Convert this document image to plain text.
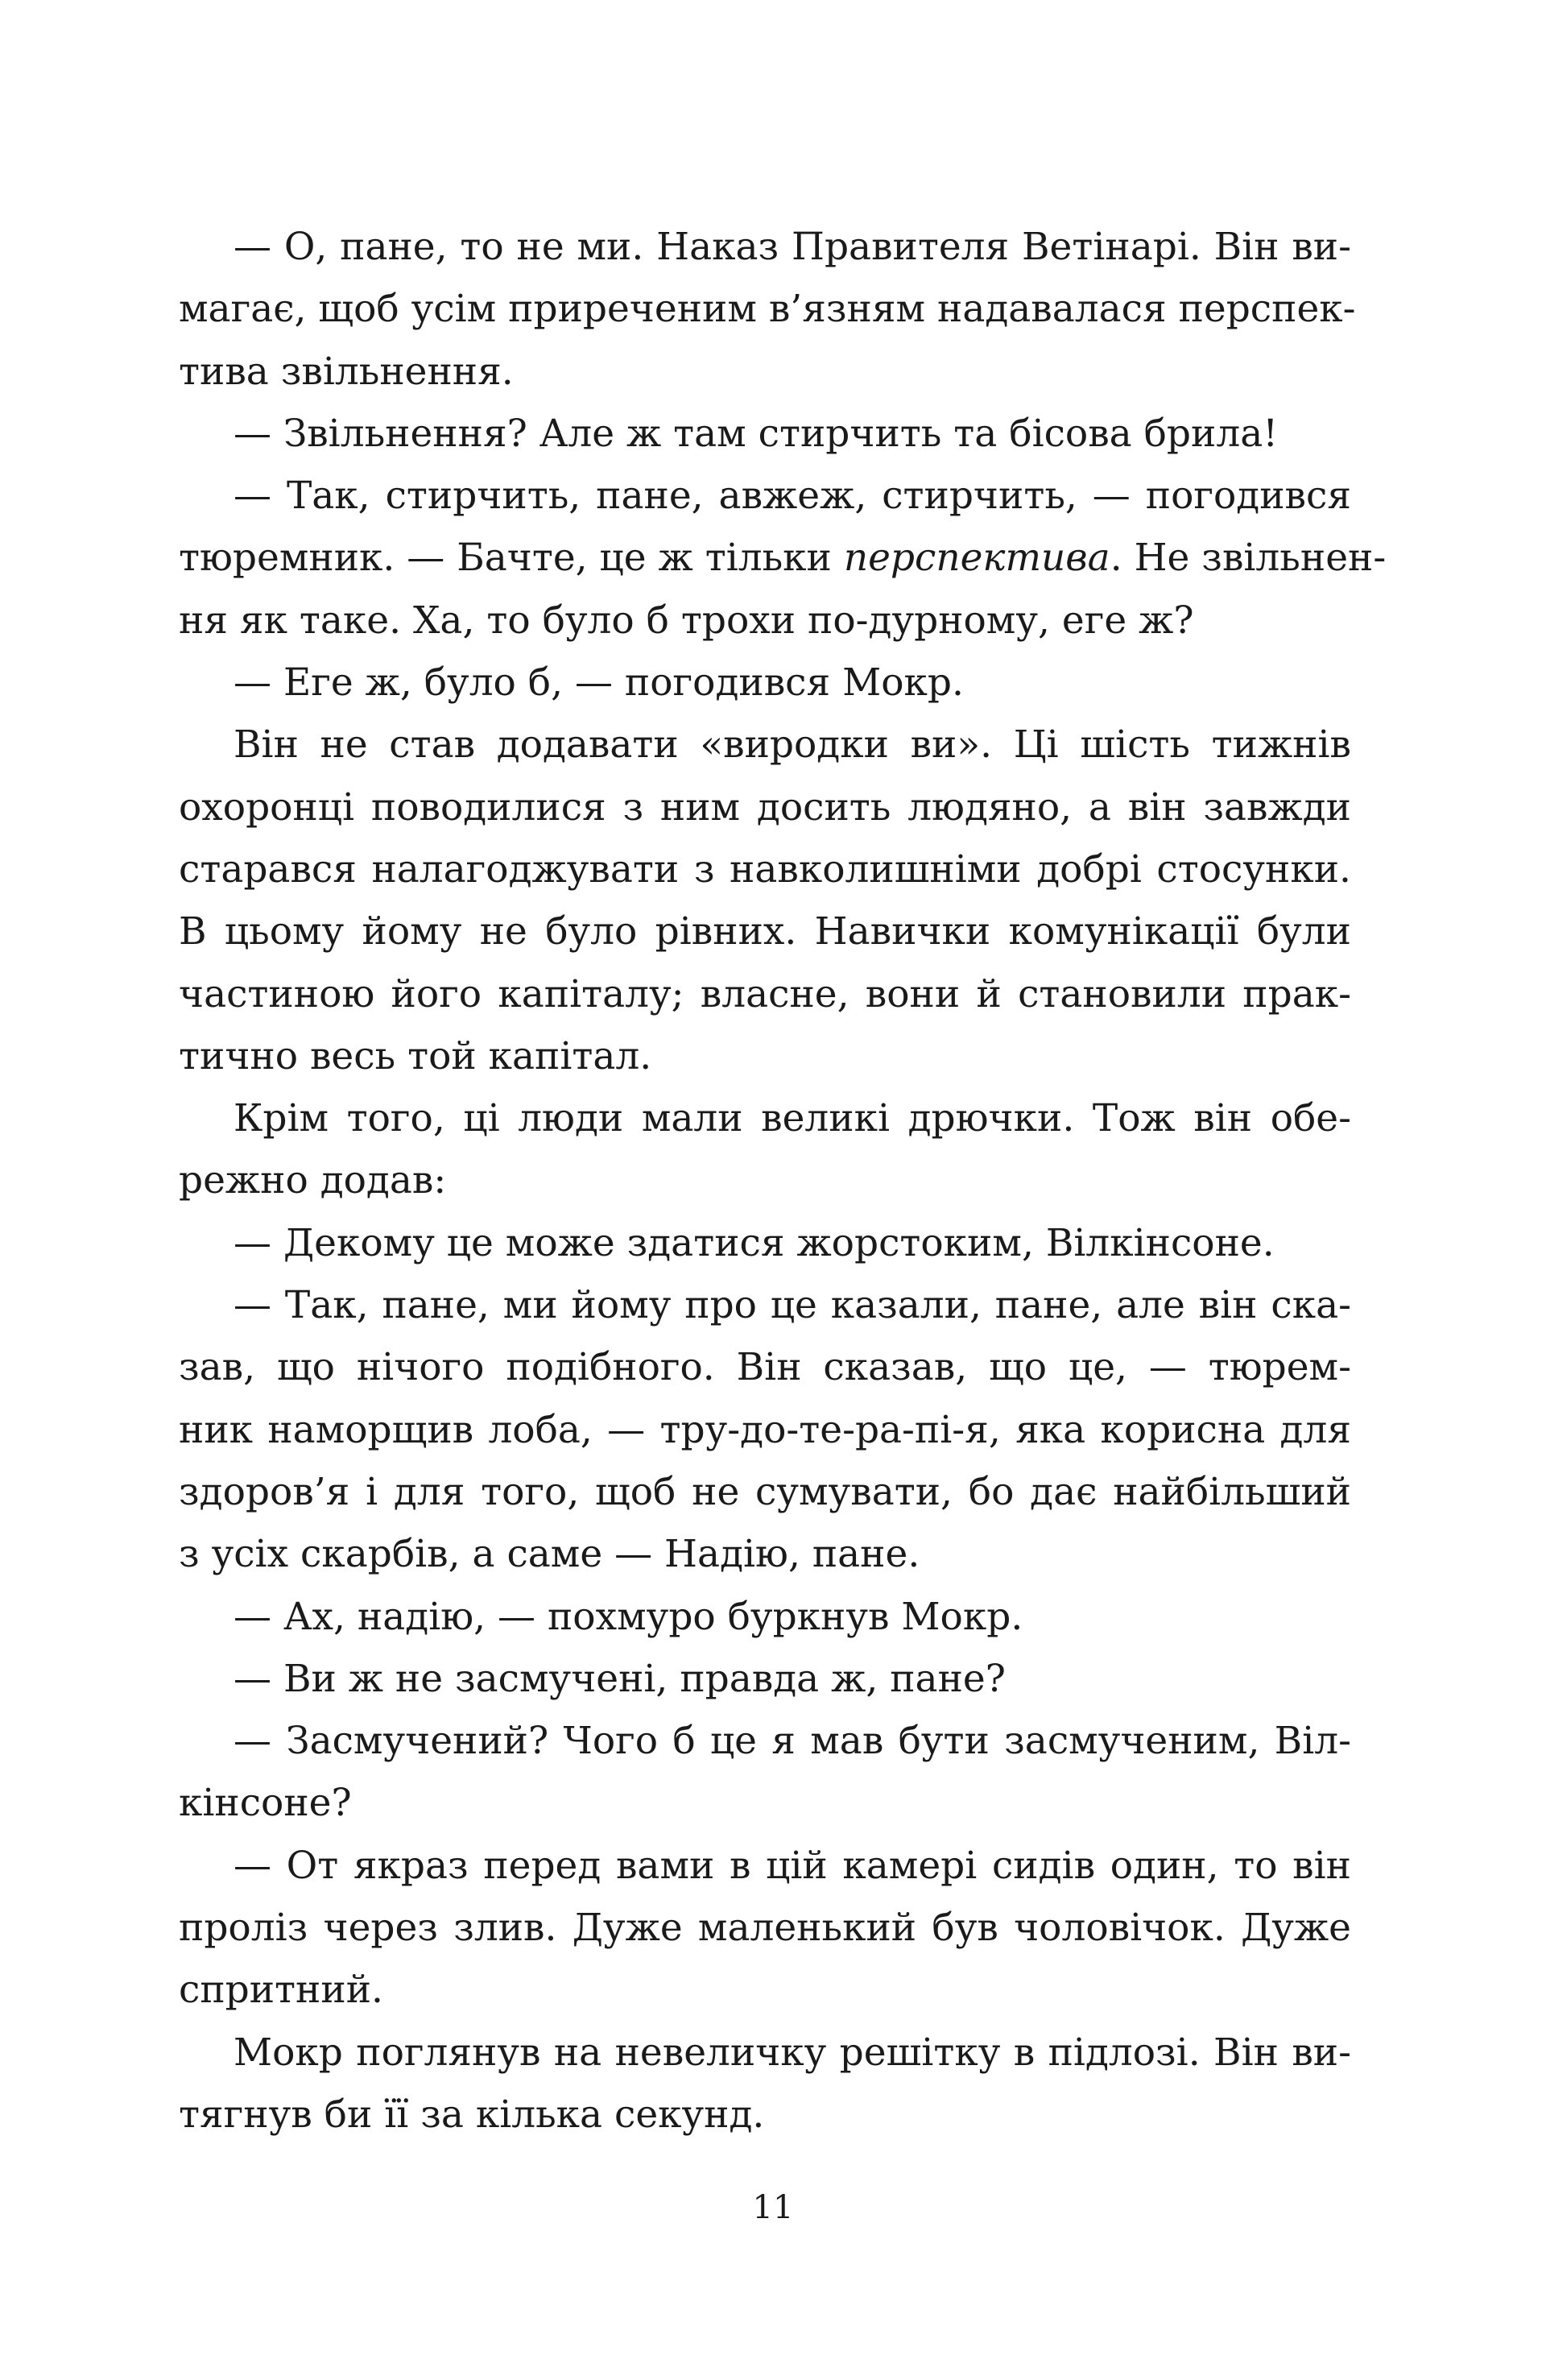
— О, пане, то не ми. Наказ Правителя Ветінарі. Він ви-
магає, щоб усім приреченим в’язням надавалася перспек-
тива звільнення.
— Звільнення? Але ж там стирчить та бісова брила!
— Так, стирчить, пане, авжеж, стирчить, — погодився
тюремник. — Бачте, це ж тільки перспектива. Не звільнен-
ня як таке. Ха, то було б трохи по-дурному, еге ж?
— Еге ж, було б, — погодився Мокр.
Він не став додавати «виродки ви». Ці шість тижнів
охоронці поводилися з ним досить людяно, а він завжди
старався налагоджувати з навколишніми добрі стосунки.
В цьому йому не було рівних. Навички комунікації були
частиною його капіталу; власне, вони й становили прак-
тично весь той капітал.
Крім того, ці люди мали великі дрючки. Тож він обе-
режно додав:
— Декому це може здатися жорстоким, Вілкінсоне.
— Так, пане, ми йому про це казали, пане, але він ска-
зав, що нічого подібного. Він сказав, що це, — тюрем-
ник наморщив лоба, — тру-до-те-ра-пі-я, яка корисна для
здоров’я і для того, щоб не сумувати, бо дає найбільший
з усіх скарбів, а саме — Надію, пане.
— Ах, надію, — похмуро буркнув Мокр.
— Ви ж не засмучені, правда ж, пане?
— Засмучений? Чого б це я мав бути засмученим, Віл-
кінсоне?
— От якраз перед вами в цій камері сидів один, то він
проліз через злив. Дуже маленький був чоловічок. Дуже
спритний.
Мокр поглянув на невеличку решітку в підлозі. Він ви-
тягнув би її за кілька секунд.
11
